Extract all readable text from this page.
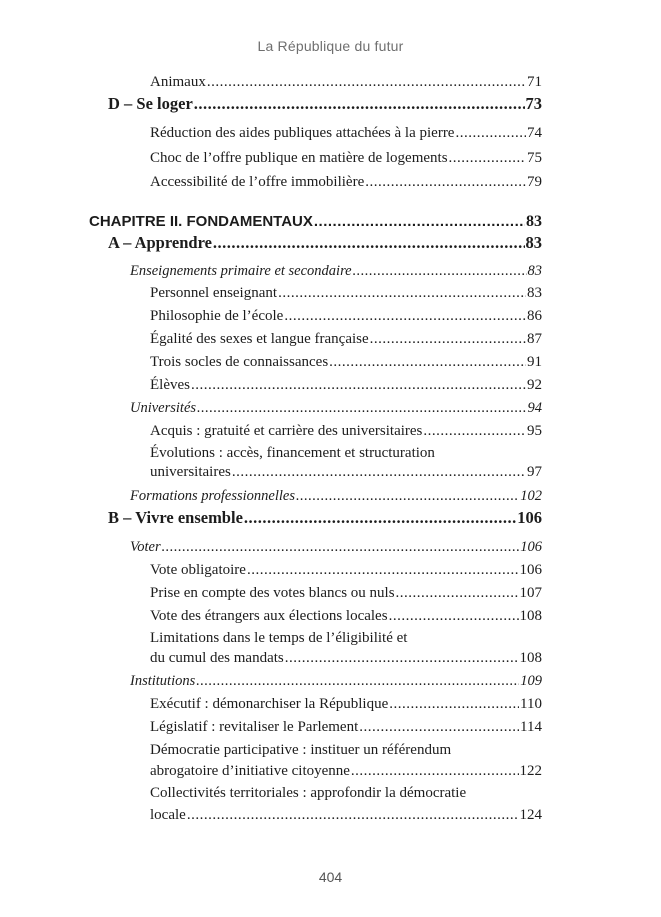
La République du futur
Animaux .....	71
D – Se loger .....	73
Réduction des aides publiques attachées à la pierre .....	74
Choc de l’offre publique en matière de logements .....	75
Accessibilité de l’offre immobilière .....	79
CHAPITRE II. FONDAMENTAUX .....	83
A – Apprendre .....	83
Enseignements primaire et secondaire .....	83
Personnel enseignant .....	83
Philosophie de l’école .....	86
Égalité des sexes et langue française .....	87
Trois socles de connaissances .....	91
Élèves .....	92
Universités .....	94
Acquis : gratuité et carrière des universitaires .....	95
Évolutions : accès, financement et structuration
universitaires .....	97
Formations professionnelles .....	102
B – Vivre ensemble .....	106
Voter .....	106
Vote obligatoire .....	106
Prise en compte des votes blancs ou nuls .....	107
Vote des étrangers aux élections locales .....	108
Limitations dans le temps de l’éligibilité et
du cumul des mandats .....	108
Institutions .....	109
Exécutif : démonarchiser la République .....	110
Législatif : revitaliser le Parlement .....	114
Démocratie participative : instituer un référendum
abrogatoire d’initiative citoyenne .....	122
Collectivités territoriales : approfondir la démocratie
locale .....	124
404
